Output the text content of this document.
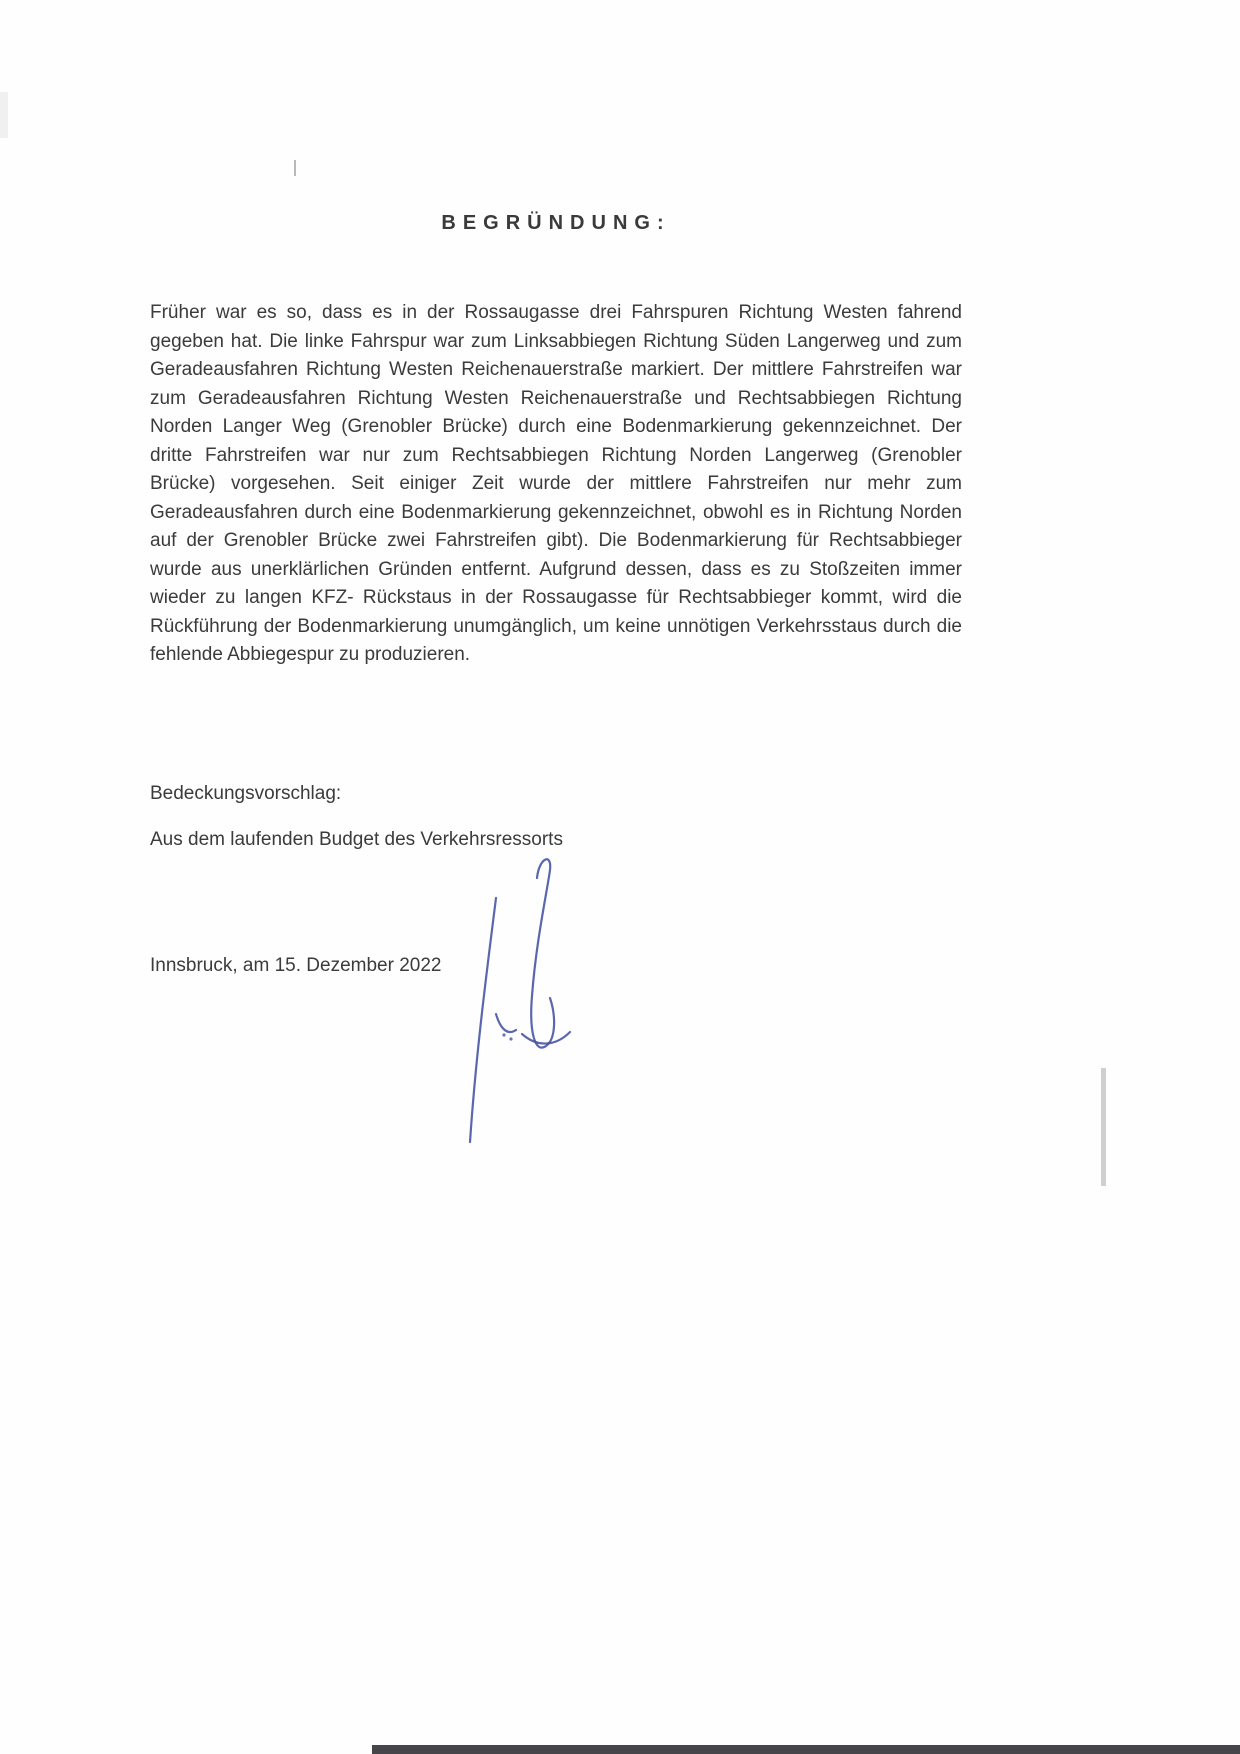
BEGRÜNDUNG:

Früher war es so, dass es in der Rossaugasse drei Fahrspuren Richtung Westen fahrend gegeben hat. Die linke Fahrspur war zum Linksabbiegen Richtung Süden Langerweg und zum Geradeausfahren Richtung Westen Reichenauerstraße markiert. Der mittlere Fahrstreifen war zum Geradeausfahren Richtung Westen Reichenauerstraße und Rechtsabbiegen Richtung Norden Langer Weg (Grenobler Brücke) durch eine Bodenmarkierung gekennzeichnet. Der dritte Fahrstreifen war nur zum Rechtsabbiegen Richtung Norden Langerweg (Grenobler Brücke) vorgesehen. Seit einiger Zeit wurde der mittlere Fahrstreifen nur mehr zum Geradeausfahren durch eine Bodenmarkierung gekennzeichnet, obwohl es in Richtung Norden auf der Grenobler Brücke zwei Fahrstreifen gibt). Die Bodenmarkierung für Rechtsabbieger wurde aus unerklärlichen Gründen entfernt. Aufgrund dessen, dass es zu Stoßzeiten immer wieder zu langen KFZ- Rückstaus in der Rossaugasse für Rechtsabbieger kommt, wird die Rückführung der Bodenmarkierung unumgänglich, um keine unnötigen Verkehrsstaus durch die fehlende Abbiegespur zu produzieren.

Bedeckungsvorschlag:

Aus dem laufenden Budget des Verkehrsressorts

Innsbruck, am 15. Dezember 2022
